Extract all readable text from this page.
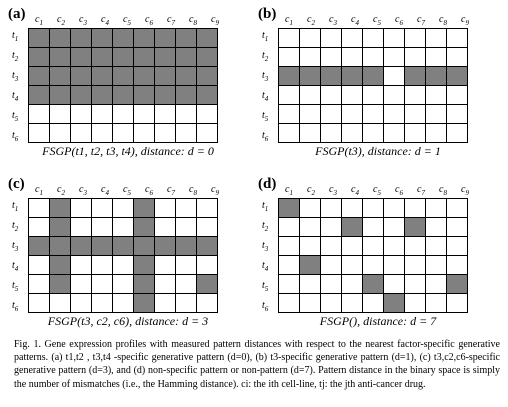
(a) $c_1$	$c_2$	$c_3$	$c_4$	$c_5$	$c_6$	$c_7$	$c_8$	$c_9$
$t_1$
$t_2$
$t_3$
$t_4$
$t_5$
$t_6$
FSGP(t1, t2, t3, t4), distance: d = 0
(b) $c_1$	$c_2$	$c_3$	$c_4$	$c_5$	$c_6$	$c_7$	$c_8$	$c_9$
$t_1$
$t_2$
$t_3$
$t_4$
$t_5$
$t_6$
FSGP(t3), distance: d = 1
(c)	$c_1$	$c_2$	$c_3$	$c_4$	$c_5$	$c_6$	$c_7$	$c_8$	$c_9$
$t_1$
$t_2$
$t_3$
$t_4$
$t_5$
$t_6$
FSGP(t3, c2, c6), distance: d = 3
(d) $c_1$	$c_2$	$c_3$	$c_4$	$c_5$	$c_6$	$c_7$	$c_8$	$c_9$
$t_1$
$t_2$
$t_3$
$t_4$
$t_5$
$t_6$
FSGP(), distance: d = 7
Fig. 1. Gene expression profiles with measured pattern distances with respect to the nearest factor-specific generative patterns. (a) t1,t2 , t3,t4 -specific generative pattern (d=0), (b) t3-specific generative pattern (d=1), (c) t3,c2,c6-specific generative pattern (d=3), and (d) non-specific pattern or non-pattern (d=7). Pattern distance in the binary space is simply the number of mismatches (i.e., the Hamming distance). ci: the ith cell-line, tj: the jth anti-cancer drug.
